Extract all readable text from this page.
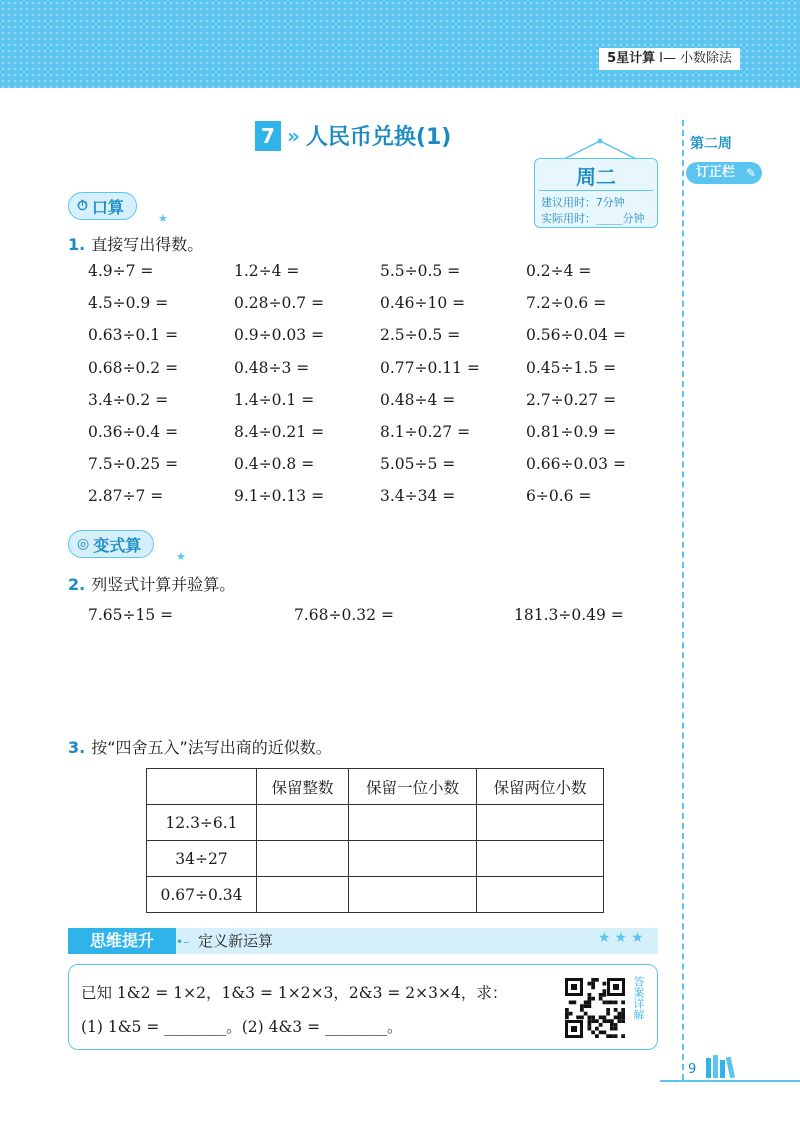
5星计算 I— 小数除法
第二周
订正栏 ✎
7 » 人民币兑换(1)
周二
建议用时：7分钟
实际用时：____分钟
⏱ 口算
★
1. 直接写出得数。
4.9÷7 =	1.2÷4 =	5.5÷0.5 =	0.2÷4 =
4.5÷0.9 =	0.28÷0.7 =	0.46÷10 =	7.2÷0.6 =
0.63÷0.1 =	0.9÷0.03 =	2.5÷0.5 =	0.56÷0.04 =
0.68÷0.2 =	0.48÷3 =	0.77÷0.11 =	0.45÷1.5 =
3.4÷0.2 =	1.4÷0.1 =	0.48÷4 =	2.7÷0.27 =
0.36÷0.4 =	8.4÷0.21 =	8.1÷0.27 =	0.81÷0.9 =
7.5÷0.25 =	0.4÷0.8 =	5.05÷5 =	0.66÷0.03 =
2.87÷7 =	9.1÷0.13 =	3.4÷34 =	6÷0.6 =
◎ 变式算
★
2. 列竖式计算并验算。
7.65÷15 =	7.68÷0.32 =	181.3÷0.49 =
3. 按“四舍五入”法写出商的近似数。
	保留整数	保留一位小数	保留两位小数
12.3÷6.1			
34÷27			
0.67÷0.34			
思维提升	•– 定义新运算	★★★
已知 1&2 = 1×2，1&3 = 1×2×3，2&3 = 2×3×4，求：
(1) 1&5 = ________。(2) 4&3 = ________。
答案详解
9
